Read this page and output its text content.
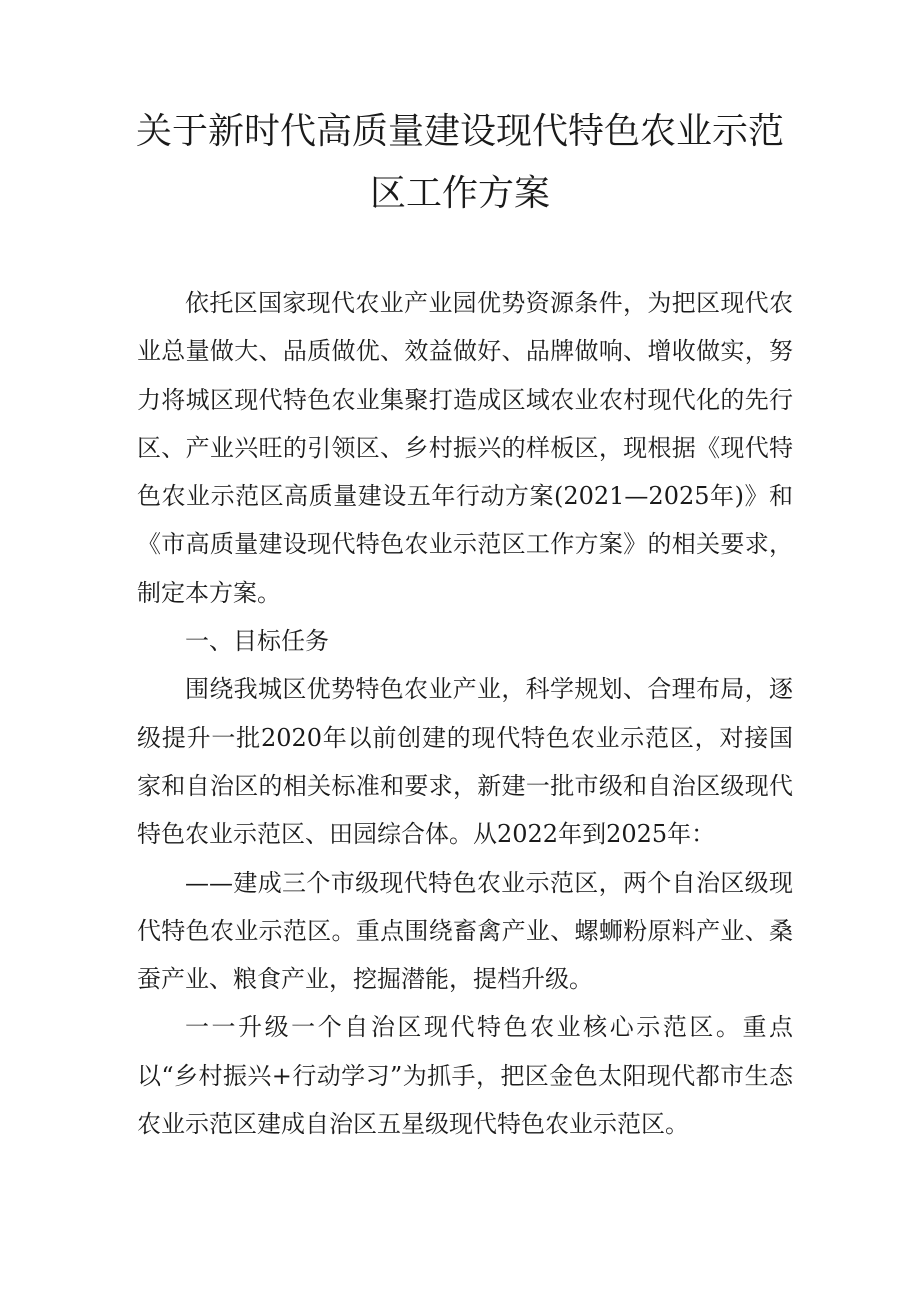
关于新时代高质量建设现代特色农业示范
区工作方案

依托区国家现代农业产业园优势资源条件，为把区现代农业总量做大、品质做优、效益做好、品牌做响、增收做实，努力将城区现代特色农业集聚打造成区域农业农村现代化的先行区、产业兴旺的引领区、乡村振兴的样板区，现根据《现代特色农业示范区高质量建设五年行动方案(2021—2025年)》和《市高质量建设现代特色农业示范区工作方案》的相关要求，制定本方案。

一、目标任务

围绕我城区优势特色农业产业，科学规划、合理布局，逐级提升一批2020年以前创建的现代特色农业示范区，对接国家和自治区的相关标准和要求，新建一批市级和自治区级现代特色农业示范区、田园综合体。从2022年到2025年：

——建成三个市级现代特色农业示范区，两个自治区级现代特色农业示范区。重点围绕畜禽产业、螺蛳粉原料产业、桑蚕产业、粮食产业，挖掘潜能，提档升级。

一一升级一个自治区现代特色农业核心示范区。重点以“乡村振兴+行动学习”为抓手，把区金色太阳现代都市生态农业示范区建成自治区五星级现代特色农业示范区。
